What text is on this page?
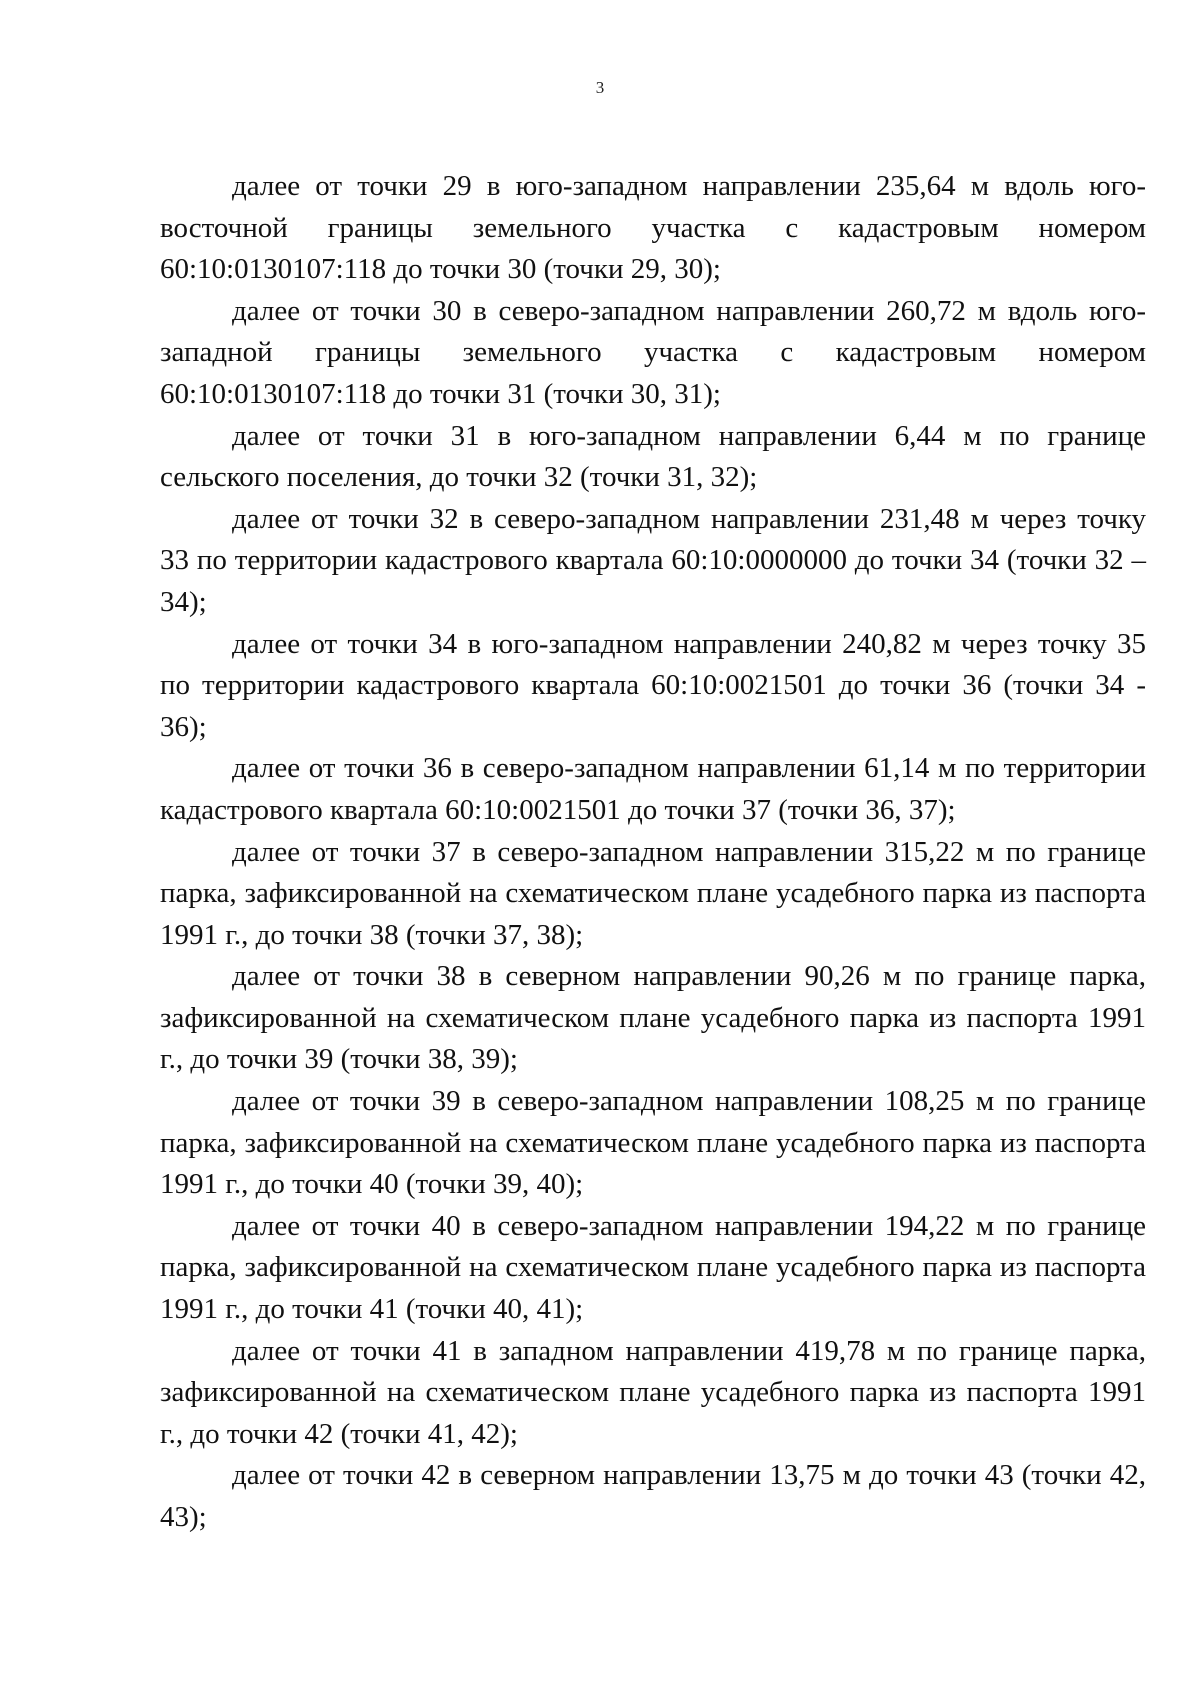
3

далее от точки 29 в юго-западном направлении 235,64 м вдоль юго-восточной границы земельного участка с кадастровым номером 60:10:0130107:118 до точки 30 (точки 29, 30);

далее от точки 30 в северо-западном направлении 260,72 м вдоль юго-западной границы земельного участка с кадастровым номером 60:10:0130107:118 до точки 31 (точки 30, 31);

далее от точки 31 в юго-западном направлении 6,44 м по границе сельского поселения, до точки 32 (точки 31, 32);

далее от точки 32 в северо-западном направлении 231,48 м через точку 33 по территории кадастрового квартала 60:10:0000000 до точки 34 (точки 32 – 34);

далее от точки 34 в юго-западном направлении 240,82 м через точку 35 по территории кадастрового квартала 60:10:0021501 до точки 36 (точки 34 - 36);

далее от точки 36 в северо-западном направлении 61,14 м по территории кадастрового квартала 60:10:0021501 до точки 37 (точки 36, 37);

далее от точки 37 в северо-западном направлении 315,22 м по границе парка, зафиксированной на схематическом плане усадебного парка из паспорта 1991 г., до точки 38 (точки 37, 38);

далее от точки 38 в северном направлении 90,26 м по границе парка, зафиксированной на схематическом плане усадебного парка из паспорта 1991 г., до точки 39 (точки 38, 39);

далее от точки 39 в северо-западном направлении 108,25 м по границе парка, зафиксированной на схематическом плане усадебного парка из паспорта 1991 г., до точки 40 (точки 39, 40);

далее от точки 40 в северо-западном направлении 194,22 м по границе парка, зафиксированной на схематическом плане усадебного парка из паспорта 1991 г., до точки 41 (точки 40, 41);

далее от точки 41 в западном направлении 419,78 м по границе парка, зафиксированной на схематическом плане усадебного парка из паспорта 1991 г., до точки 42 (точки 41, 42);

далее от точки 42 в северном направлении 13,75 м до точки 43 (точки 42, 43);
